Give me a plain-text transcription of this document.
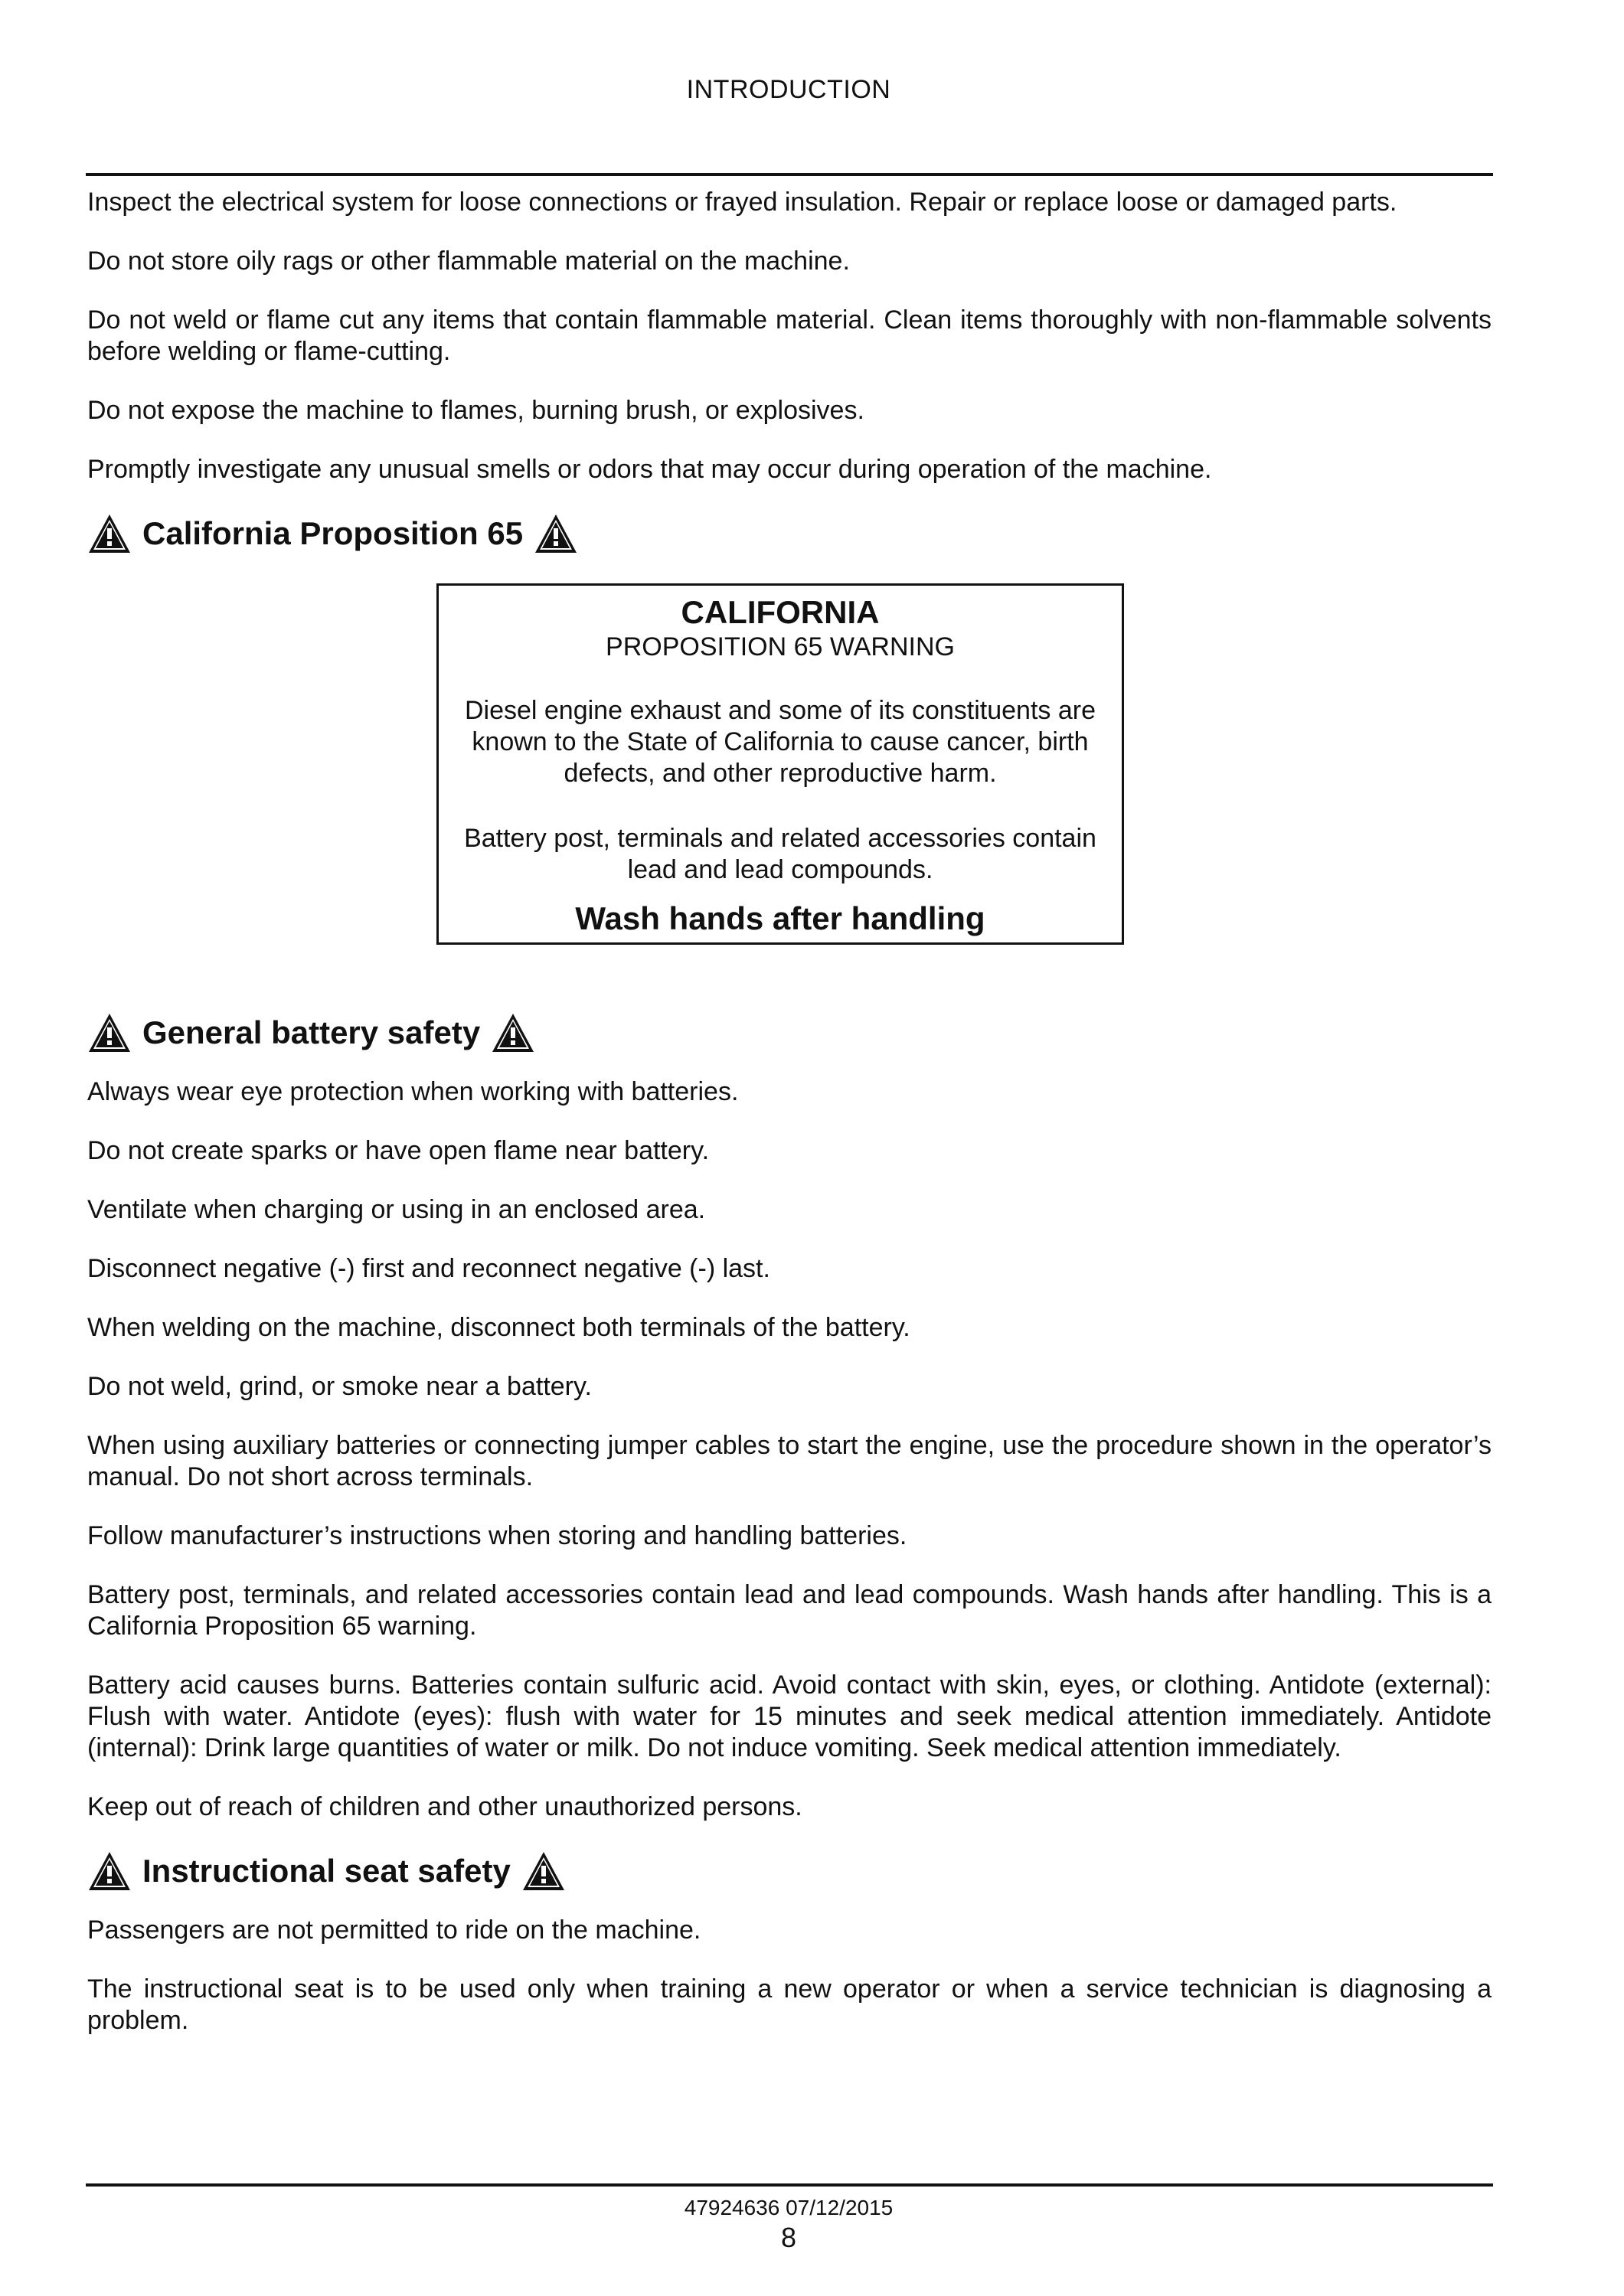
INTRODUCTION

Inspect the electrical system for loose connections or frayed insulation. Repair or replace loose or damaged parts.

Do not store oily rags or other flammable material on the machine.

Do not weld or flame cut any items that contain flammable material. Clean items thoroughly with non-flammable solvents before welding or flame-cutting.

Do not expose the machine to flames, burning brush, or explosives.

Promptly investigate any unusual smells or odors that may occur during operation of the machine.

California Proposition 65
CALIFORNIA
PROPOSITION 65 WARNING
Diesel engine exhaust and some of its constituents are known to the State of California to cause cancer, birth defects, and other reproductive harm.
Battery post, terminals and related accessories contain lead and lead compounds.
Wash hands after handling
General battery safety

Always wear eye protection when working with batteries.

Do not create sparks or have open flame near battery.

Ventilate when charging or using in an enclosed area.

Disconnect negative (-) first and reconnect negative (-) last.

When welding on the machine, disconnect both terminals of the battery.

Do not weld, grind, or smoke near a battery.

When using auxiliary batteries or connecting jumper cables to start the engine, use the procedure shown in the operator’s manual. Do not short across terminals.

Follow manufacturer’s instructions when storing and handling batteries.

Battery post, terminals, and related accessories contain lead and lead compounds. Wash hands after handling. This is a California Proposition 65 warning.

Battery acid causes burns. Batteries contain sulfuric acid. Avoid contact with skin, eyes, or clothing. Antidote (external): Flush with water. Antidote (eyes): flush with water for 15 minutes and seek medical attention immediately. Antidote (internal): Drink large quantities of water or milk. Do not induce vomiting. Seek medical attention immediately.

Keep out of reach of children and other unauthorized persons.

Instructional seat safety

Passengers are not permitted to ride on the machine.

The instructional seat is to be used only when training a new operator or when a service technician is diagnosing a problem.

47924636 07/12/2015
8
